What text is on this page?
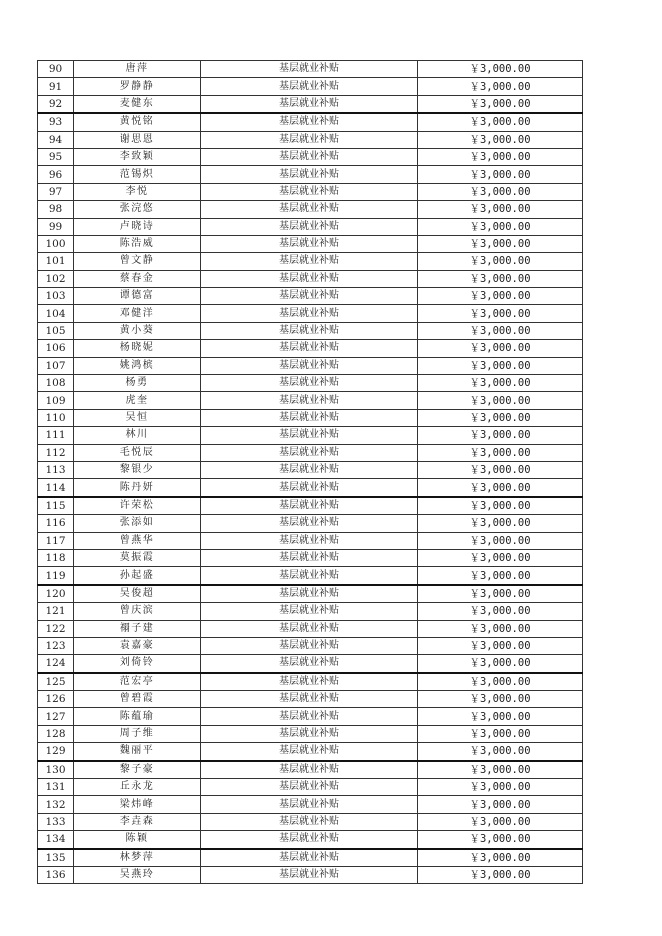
90	唐萍	基层就业补贴	￥3,000.00
91	罗静静	基层就业补贴	￥3,000.00
92	麦健东	基层就业补贴	￥3,000.00
93	黄悦铭	基层就业补贴	￥3,000.00
94	谢思恩	基层就业补贴	￥3,000.00
95	李致颖	基层就业补贴	￥3,000.00
96	范锡炽	基层就业补贴	￥3,000.00
97	李悦	基层就业补贴	￥3,000.00
98	张浣悠	基层就业补贴	￥3,000.00
99	卢晓诗	基层就业补贴	￥3,000.00
100	陈浩威	基层就业补贴	￥3,000.00
101	曾文静	基层就业补贴	￥3,000.00
102	蔡春金	基层就业补贴	￥3,000.00
103	谭德富	基层就业补贴	￥3,000.00
104	邓健洋	基层就业补贴	￥3,000.00
105	黄小葵	基层就业补贴	￥3,000.00
106	杨晓妮	基层就业补贴	￥3,000.00
107	姚鸿槟	基层就业补贴	￥3,000.00
108	杨勇	基层就业补贴	￥3,000.00
109	虎奎	基层就业补贴	￥3,000.00
110	吴恒	基层就业补贴	￥3,000.00
111	林川	基层就业补贴	￥3,000.00
112	毛悦辰	基层就业补贴	￥3,000.00
113	黎银少	基层就业补贴	￥3,000.00
114	陈丹妍	基层就业补贴	￥3,000.00
115	许荣松	基层就业补贴	￥3,000.00
116	张添如	基层就业补贴	￥3,000.00
117	曾燕华	基层就业补贴	￥3,000.00
118	莫振霞	基层就业补贴	￥3,000.00
119	孙起盛	基层就业补贴	￥3,000.00
120	吴俊超	基层就业补贴	￥3,000.00
121	曾庆滨	基层就业补贴	￥3,000.00
122	禤子建	基层就业补贴	￥3,000.00
123	袁嘉豪	基层就业补贴	￥3,000.00
124	刘倚铃	基层就业补贴	￥3,000.00
125	范宏亭	基层就业补贴	￥3,000.00
126	曾碧霞	基层就业补贴	￥3,000.00
127	陈蕴瑜	基层就业补贴	￥3,000.00
128	周子维	基层就业补贴	￥3,000.00
129	魏丽平	基层就业补贴	￥3,000.00
130	黎子豪	基层就业补贴	￥3,000.00
131	丘永龙	基层就业补贴	￥3,000.00
132	梁炜峰	基层就业补贴	￥3,000.00
133	李垚森	基层就业补贴	￥3,000.00
134	陈颖	基层就业补贴	￥3,000.00
135	林梦萍	基层就业补贴	￥3,000.00
136	吴燕玲	基层就业补贴	￥3,000.00
